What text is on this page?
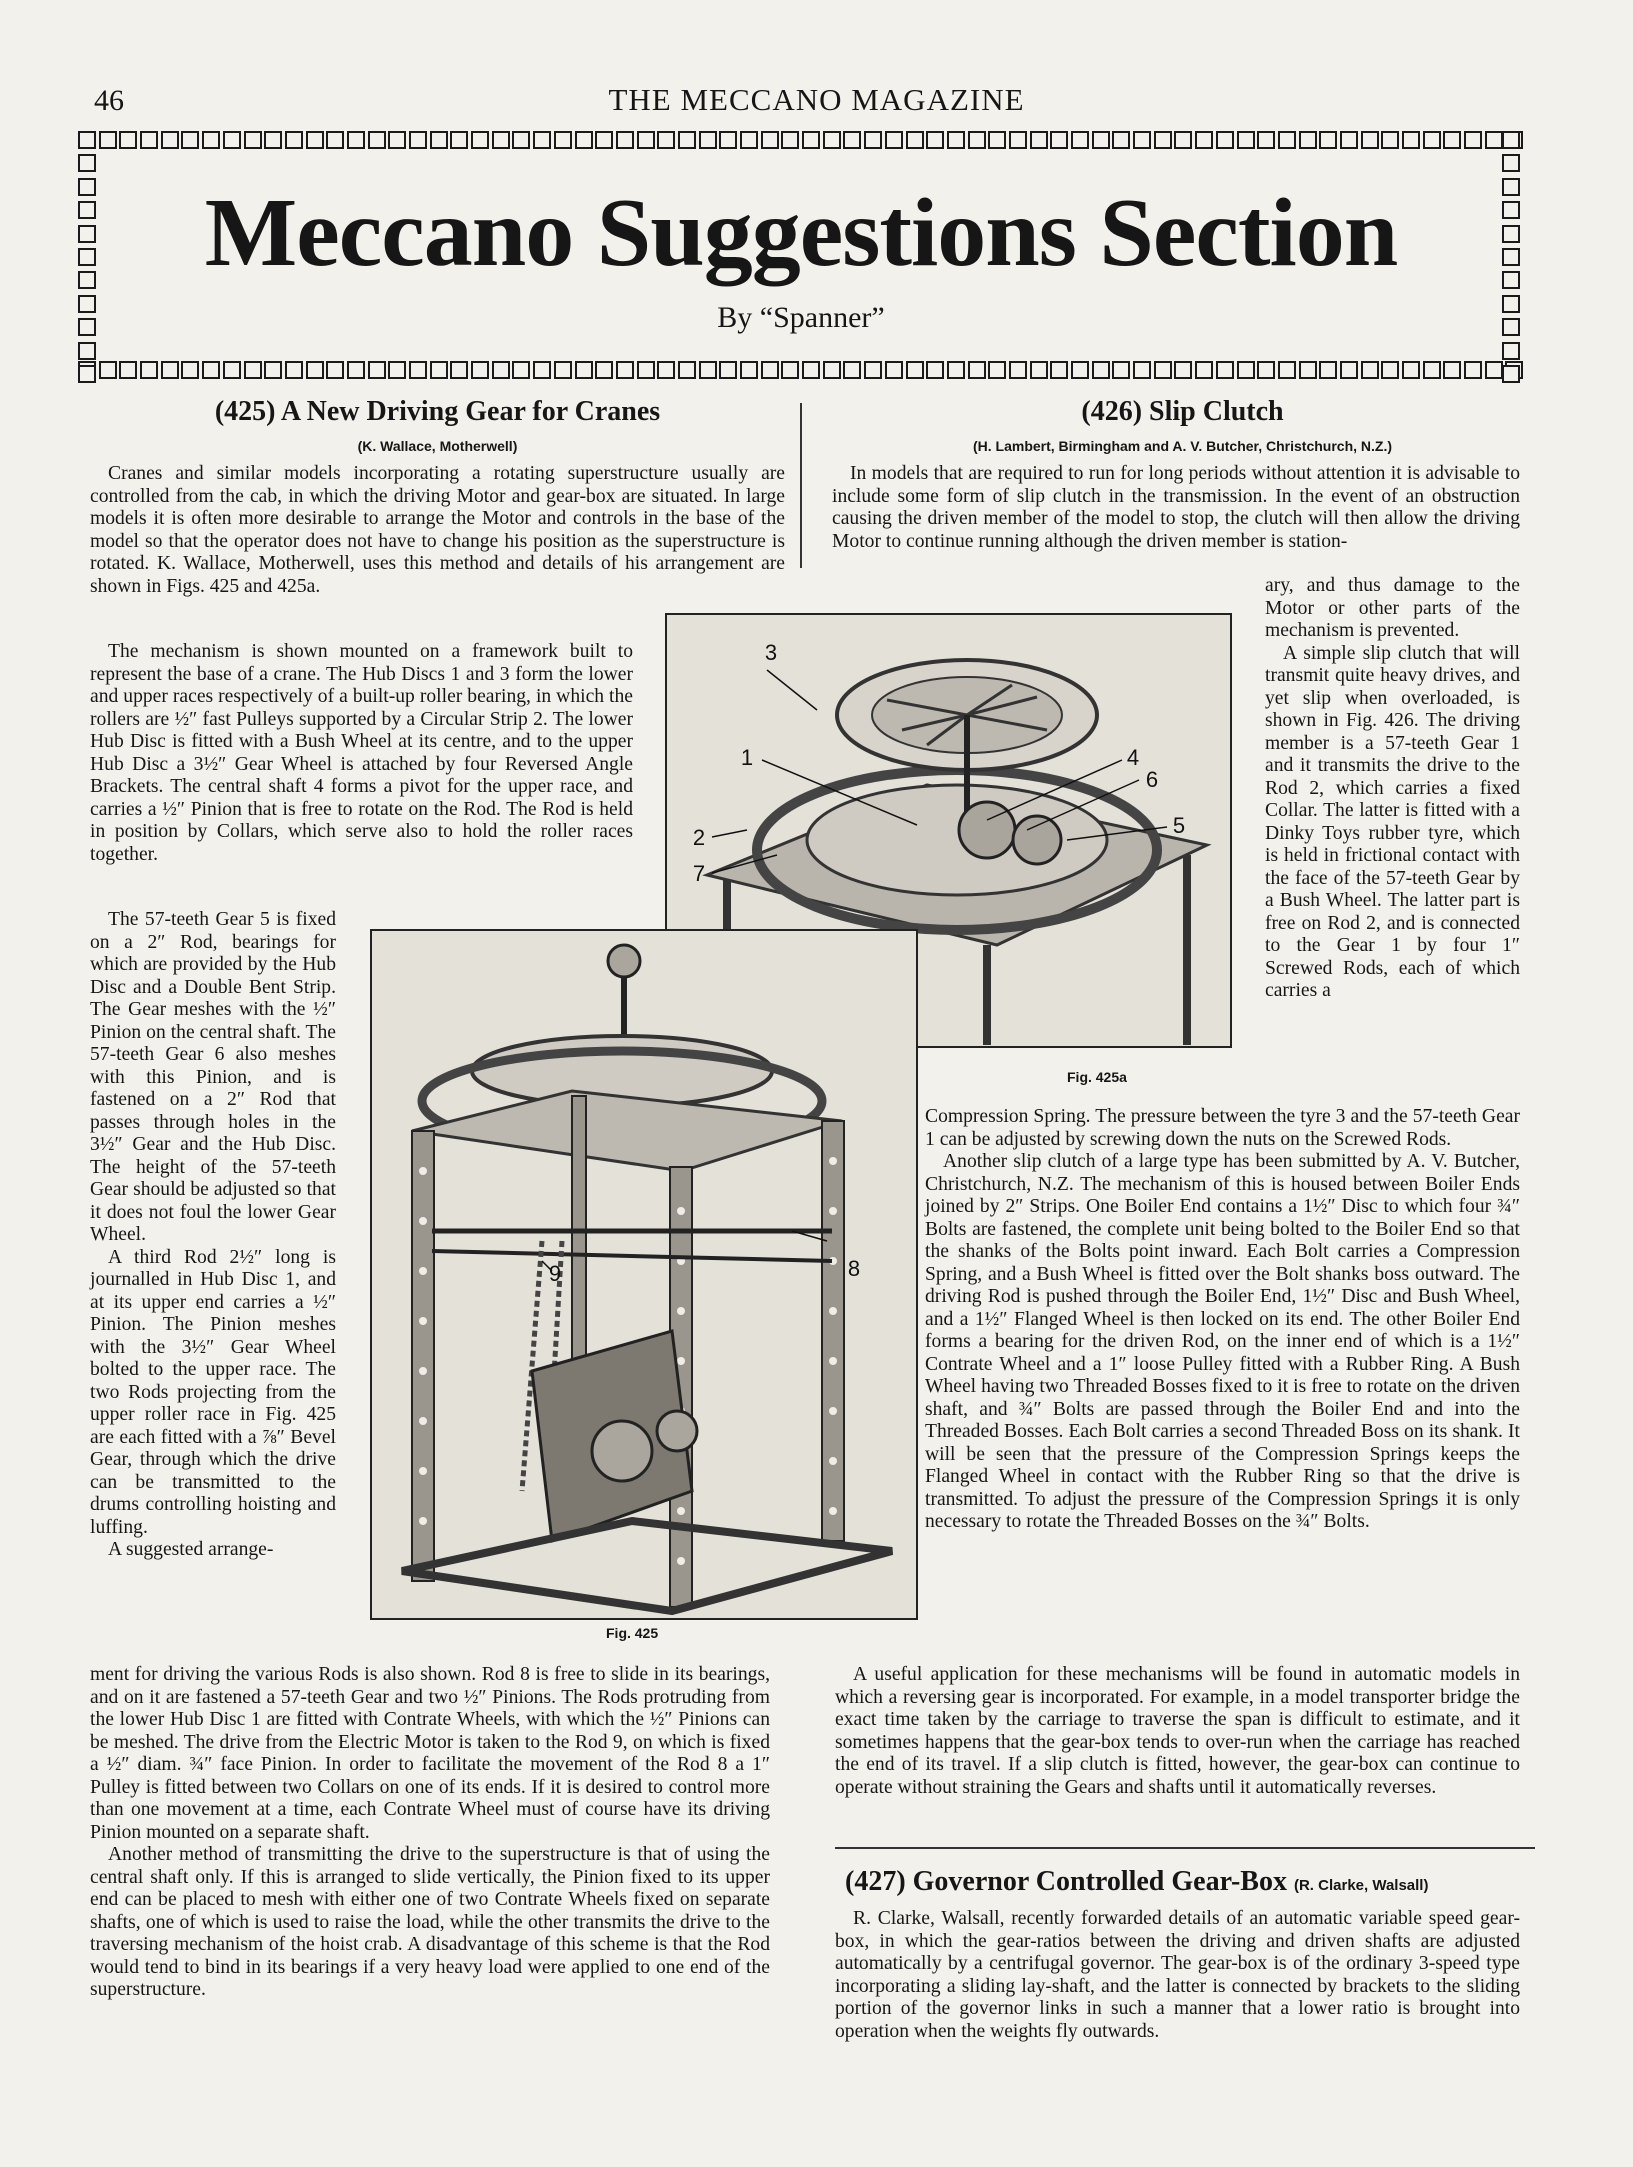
46	THE MECCANO MAGAZINE
Meccano Suggestions Section
By “Spanner”
(425) A New Driving Gear for Cranes
(K. Wallace, Motherwell)
(426) Slip Clutch
(H. Lambert, Birmingham and A. V. Butcher, Christchurch, N.Z.)

Cranes and similar models incorporating a rotating superstructure usually are controlled from the cab, in which the driving Motor and gear-box are situated. In large models it is often more desirable to arrange the Motor and controls in the base of the model so that the operator does not have to change his position as the superstructure is rotated. K. Wallace, Motherwell, uses this method and details of his arrangement are shown in Figs. 425 and 425a.

The mechanism is shown mounted on a framework built to represent the base of a crane. The Hub Discs 1 and 3 form the lower and upper races respectively of a built-up roller bearing, in which the rollers are ½″ fast Pulleys supported by a Circular Strip 2. The lower Hub Disc is fitted with a Bush Wheel at its centre, and to the upper Hub Disc a 3½″ Gear Wheel is attached by four Reversed Angle Brackets. The central shaft 4 forms a pivot for the upper race, and carries a ½″ Pinion that is free to rotate on the Rod. The Rod is held in position by Collars, which serve also to hold the roller races together.

The 57-teeth Gear 5 is fixed on a 2″ Rod, bearings for which are provided by the Hub Disc and a Double Bent Strip. The Gear meshes with the ½″ Pinion on the central shaft. The 57-teeth Gear 6 also meshes with this Pinion, and is fastened on a 2″ Rod that passes through holes in the 3½″ Gear and the Hub Disc. The height of the 57-teeth Gear should be adjusted so that it does not foul the lower Gear Wheel.

A third Rod 2½″ long is journalled in Hub Disc 1, and at its upper end carries a ½″ Pinion. The Pinion meshes with the 3½″ Gear Wheel bolted to the upper race. The two Rods projecting from the upper roller race in Fig. 425 are each fitted with a ⅞″ Bevel Gear, through which the drive can be transmitted to the drums controlling hoisting and luffing.

A suggested arrange-

ment for driving the various Rods is also shown. Rod 8 is free to slide in its bearings, and on it are fastened a 57-teeth Gear and two ½″ Pinions. The Rods protruding from the lower Hub Disc 1 are fitted with Contrate Wheels, with which the ½″ Pinions can be meshed. The drive from the Electric Motor is taken to the Rod 9, on which is fixed a ½″ diam. ¾″ face Pinion. In order to facilitate the movement of the Rod 8 a 1″ Pulley is fitted between two Collars on one of its ends. If it is desired to control more than one movement at a time, each Contrate Wheel must of course have its driving Pinion mounted on a separate shaft.

Another method of transmitting the drive to the superstructure is that of using the central shaft only. If this is arranged to slide vertically, the Pinion fixed to its upper end can be placed to mesh with either one of two Contrate Wheels fixed on separate shafts, one of which is used to raise the load, while the other transmits the drive to the traversing mechanism of the hoist crab. A disadvantage of this scheme is that the Rod would tend to bind in its bearings if a very heavy load were applied to one end of the superstructure.

In models that are required to run for long periods without attention it is advisable to include some form of slip clutch in the transmission. In the event of an obstruction causing the driven member of the model to stop, the clutch will then allow the driving Motor to continue running although the driven member is station-

ary, and thus damage to the Motor or other parts of the mechanism is prevented.

A simple slip clutch that will transmit quite heavy drives, and yet slip when overloaded, is shown in Fig. 426. The driving member is a 57-teeth Gear 1 and it transmits the drive to the Rod 2, which carries a fixed Collar. The latter is fitted with a Dinky Toys rubber tyre, which is held in frictional contact with the face of the 57-teeth Gear by a Bush Wheel. The latter part is free on Rod 2, and is connected to the Gear 1 by four 1″ Screwed Rods, each of which carries a

Compression Spring. The pressure between the tyre 3 and the 57-teeth Gear 1 can be adjusted by screwing down the nuts on the Screwed Rods.

Another slip clutch of a large type has been submitted by A. V. Butcher, Christchurch, N.Z. The mechanism of this is housed between Boiler Ends joined by 2″ Strips. One Boiler End contains a 1½″ Disc to which four ¾″ Bolts are fastened, the complete unit being bolted to the Boiler End so that the shanks of the Bolts point inward. Each Bolt carries a Compression Spring, and a Bush Wheel is fitted over the Bolt shanks boss outward. The driving Rod is pushed through the Boiler End, 1½″ Disc and Bush Wheel, and a 1½″ Flanged Wheel is then locked on its end. The other Boiler End forms a bearing for the driven Rod, on the inner end of which is a 1½″ Contrate Wheel and a 1″ loose Pulley fitted with a Rubber Ring. A Bush Wheel having two Threaded Bosses fixed to it is free to rotate on the driven shaft, and ¾″ Bolts are passed through the Boiler End and into the Threaded Bosses. Each Bolt carries a second Threaded Boss on its shank. It will be seen that the pressure of the Compression Springs keeps the Flanged Wheel in contact with the Rubber Ring so that the drive is transmitted. To adjust the pressure of the Compression Springs it is only necessary to rotate the Threaded Bosses on the ¾″ Bolts.

A useful application for these mechanisms will be found in automatic models in which a reversing gear is incorporated. For example, in a model transporter bridge the exact time taken by the carriage to traverse the span is difficult to estimate, and it sometimes happens that the gear-box tends to over-run when the carriage has reached the end of its travel. If a slip clutch is fitted, however, the gear-box can continue to operate without straining the Gears and shafts until it automatically reverses.

(427) Governor Controlled Gear-Box (R. Clarke, Walsall)

R. Clarke, Walsall, recently forwarded details of an automatic variable speed gear-box, in which the gear-ratios between the driving and driven shafts are adjusted automatically by a centrifugal governor. The gear-box is of the ordinary 3-speed type incorporating a sliding lay-shaft, and the latter is connected by brackets to the sliding portion of the governor links in such a manner that a lower ratio is brought into operation when the weights fly outwards.

3
1
2
7
4
6
5
Fig. 425a
9	8
Fig. 425
